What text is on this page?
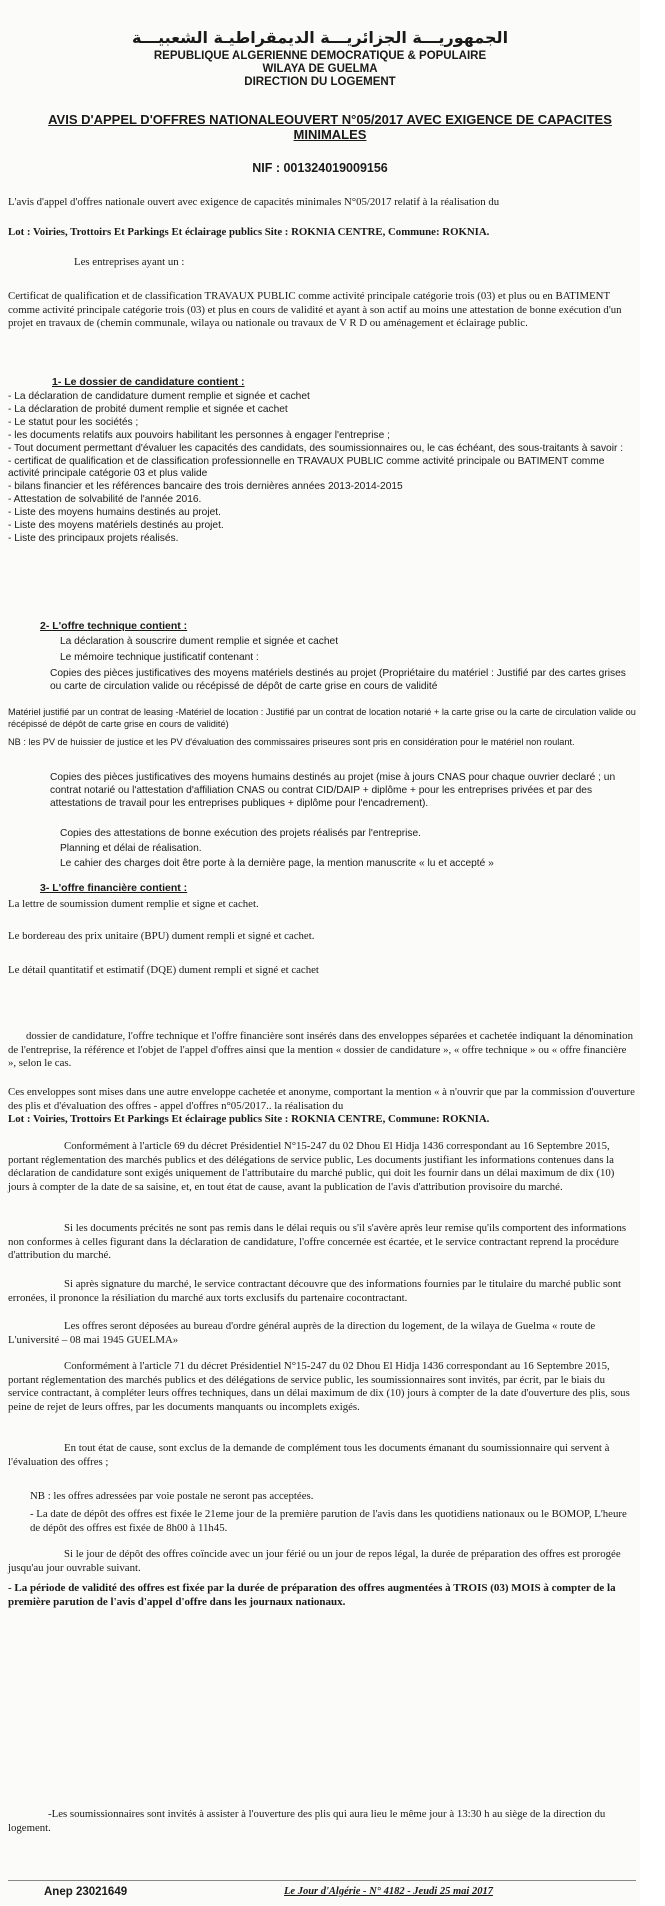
الجمهوريـــة الجزائريـــة الديمقراطيـة الشعبيـــة
REPUBLIQUE ALGERIENNE DEMOCRATIQUE & POPULAIRE
WILAYA DE GUELMA
DIRECTION DU LOGEMENT
AVIS D'APPEL D'OFFRES NATIONALEOUVERT N°05/2017 AVEC EXIGENCE DE CAPACITES MINIMALES
NIF : 001324019009156
L'avis d'appel d'offres nationale ouvert avec exigence de capacités minimales N°05/2017 relatif à la réalisation du
Lot : Voiries, Trottoirs Et Parkings Et éclairage publics Site : ROKNIA CENTRE, Commune: ROKNIA.
Les entreprises ayant un :
Certificat de qualification et de classification TRAVAUX PUBLIC comme activité principale catégorie trois (03) et plus ou en BATIMENT comme activité principale catégorie trois (03) et plus en cours de validité et ayant à son actif au moins une attestation de bonne exécution d'un projet en travaux de (chemin communale, wilaya ou nationale ou travaux de V R D ou aménagement et éclairage public.
1- Le dossier de candidature contient :
- La déclaration de candidature dument remplie et signée et cachet
- La déclaration de probité dument remplie et signée et cachet
- Le statut pour les sociétés ;
- les documents relatifs aux pouvoirs habilitant les personnes à engager l'entreprise ;
- Tout document permettant d'évaluer les capacités des candidats, des soumissionnaires ou, le cas échéant, des sous-traitants à savoir :
- certificat de qualification et de classification professionnelle en TRAVAUX PUBLIC comme activité principale ou BATIMENT comme activité principale catégorie 03 et plus valide
- bilans financier et les références bancaire des trois dernières années 2013-2014-2015
- Attestation de solvabilité de l'année 2016.
- Liste des moyens humains destinés au projet.
- Liste des moyens matériels destinés au projet.
- Liste des principaux projets réalisés.
2- L'offre technique contient :
La déclaration à souscrire dument remplie et signée et cachet
Le mémoire technique justificatif contenant :
Copies des pièces justificatives des moyens matériels destinés au projet (Propriétaire du matériel : Justifié par des cartes grises ou carte de circulation valide ou récépissé de dépôt de carte grise en cours de validité
Matériel justifié par un contrat de leasing -Matériel de location : Justifié par un contrat de location notarié + la carte grise ou la carte de circulation valide ou récépissé de dépôt de carte grise en cours de validité)
NB : les PV de huissier de justice et les PV d'évaluation des commissaires priseures sont pris en considération pour le matériel non roulant.
Copies des pièces justificatives des moyens humains destinés au projet (mise à jours CNAS pour chaque ouvrier declaré ; un contrat notarié ou l'attestation d'affiliation CNAS ou contrat CID/DAIP + diplôme + pour les entreprises privées et par des attestations de travail pour les entreprises publiques + diplôme pour l'encadrement).
Copies des attestations de bonne exécution des projets réalisés par l'entreprise.
Planning et délai de réalisation.
Le cahier des charges doit être porte à la dernière page, la mention manuscrite « lu et accepté »
3- L'offre financière contient :
La lettre de soumission dument remplie et signe et cachet.
Le bordereau des prix unitaire (BPU) dument rempli et signé et cachet.
Le détail quantitatif et estimatif (DQE) dument rempli et signé et cachet
dossier de candidature, l'offre technique et l'offre financière sont insérés dans des enveloppes séparées et cachetée indiquant la dénomination de l'entreprise, la référence et l'objet de l'appel d'offres ainsi que la mention « dossier de candidature », « offre technique » ou « offre financière », selon le cas.
Ces enveloppes sont mises dans une autre enveloppe cachetée et anonyme, comportant la mention « à n'ouvrir que par la commission d'ouverture des plis et d'évaluation des offres - appel d'offres n°05/2017.. la réalisation du
Lot : Voiries, Trottoirs Et Parkings Et éclairage publics Site : ROKNIA CENTRE, Commune: ROKNIA.
Conformément à l'article 69 du décret Présidentiel N°15-247 du 02 Dhou El Hidja 1436 correspondant au 16 Septembre 2015, portant réglementation des marchés publics et des délégations de service public, Les documents justifiant les informations contenues dans la déclaration de candidature sont exigés uniquement de l'attributaire du marché public, qui doit les fournir dans un délai maximum de dix (10) jours à compter de la date de sa saisine, et, en tout état de cause, avant la publication de l'avis d'attribution provisoire du marché.
Si les documents précités ne sont pas remis dans le délai requis ou s'il s'avère après leur remise qu'ils comportent des informations non conformes à celles figurant dans la déclaration de candidature, l'offre concernée est écartée, et le service contractant reprend la procédure d'attribution du marché.
Si après signature du marché, le service contractant découvre que des informations fournies par le titulaire du marché public sont erronées, il prononce la résiliation du marché aux torts exclusifs du partenaire cocontractant.
Les offres seront déposées au bureau d'ordre général auprès de la direction du logement, de la wilaya de Guelma « route de L'université – 08 mai 1945 GUELMA»
Conformément à l'article 71 du décret Présidentiel N°15-247 du 02 Dhou El Hidja 1436 correspondant au 16 Septembre 2015, portant réglementation des marchés publics et des délégations de service public, les soumissionnaires sont invités, par écrit, par le biais du service contractant, à compléter leurs offres techniques, dans un délai maximum de dix (10) jours à compter de la date d'ouverture des plis, sous peine de rejet de leurs offres, par les documents manquants ou incomplets exigés.
En tout état de cause, sont exclus de la demande de complément tous les documents émanant du soumissionnaire qui servent à l'évaluation des offres ;
NB : les offres adressées par voie postale ne seront pas acceptées.
- La date de dépôt des offres est fixée le 21eme jour de la première parution de l'avis dans les quotidiens nationaux ou le BOMOP, L'heure de dépôt des offres est fixée de 8h00 à 11h45.
Si le jour de dépôt des offres coïncide avec un jour férié ou un jour de repos légal, la durée de préparation des offres est prorogée jusqu'au jour ouvrable suivant.
- La période de validité des offres est fixée par la durée de préparation des offres augmentées à TROIS (03) MOIS à compter de la première parution de l'avis d'appel d'offre dans les journaux nationaux.
-Les soumissionnaires sont invités à assister à l'ouverture des plis qui aura lieu le même jour à 13:30 h au siège de la direction du logement.
Anep 23021649	Le Jour d'Algérie - N° 4182 - Jeudi 25 mai 2017
